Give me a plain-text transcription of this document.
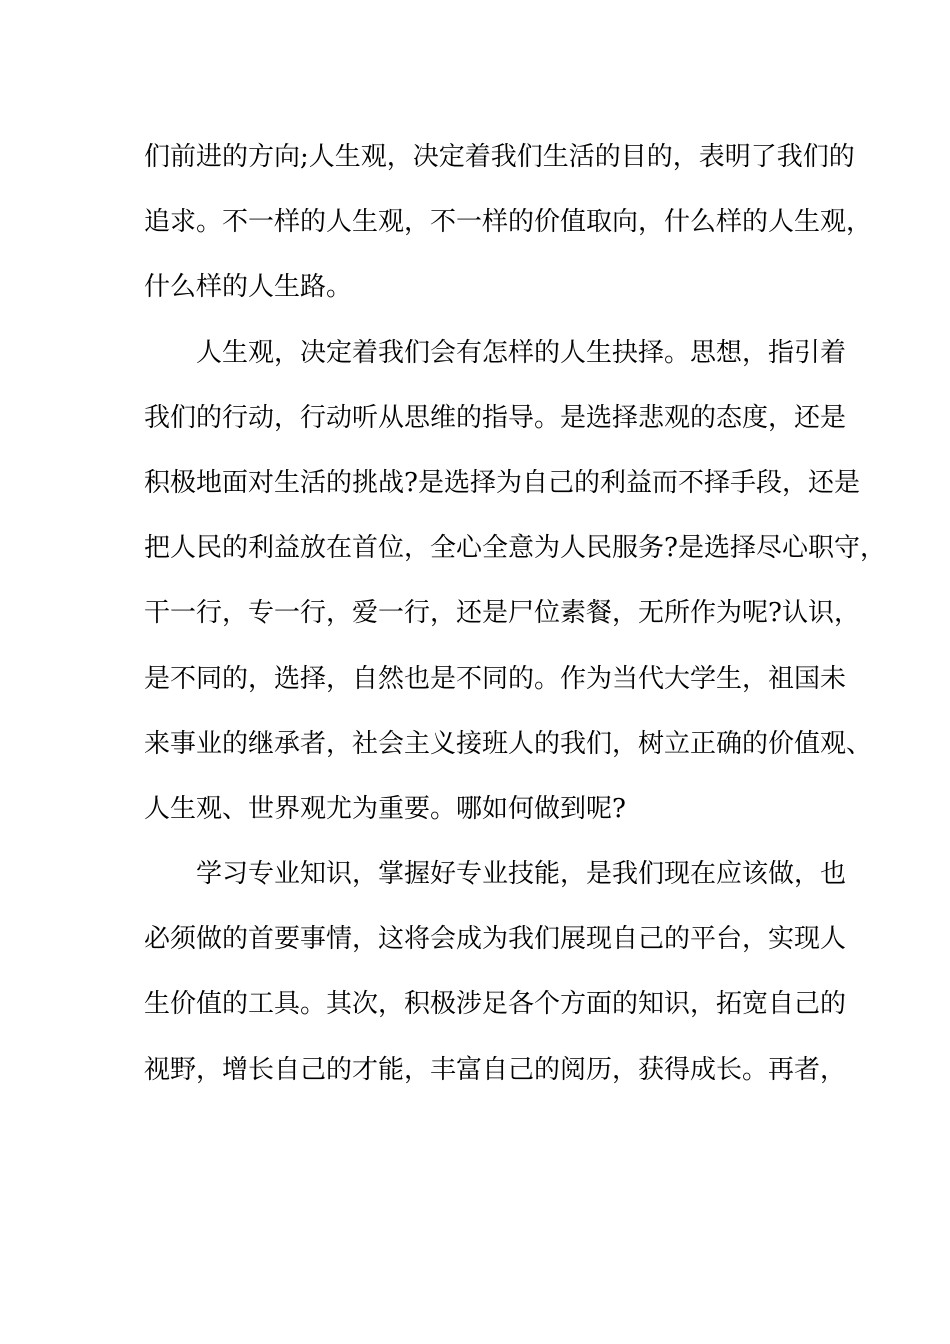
们前进的方向;人生观，决定着我们生活的目的，表明了我们的
追求。不一样的人生观，不一样的价值取向，什么样的人生观，
什么样的人生路。
人生观，决定着我们会有怎样的人生抉择。思想，指引着
我们的行动，行动听从思维的指导。是选择悲观的态度，还是
积极地面对生活的挑战?是选择为自己的利益而不择手段，还是
把人民的利益放在首位，全心全意为人民服务?是选择尽心职守，
干一行，专一行，爱一行，还是尸位素餐，无所作为呢?认识，
是不同的，选择，自然也是不同的。作为当代大学生，祖国未
来事业的继承者，社会主义接班人的我们，树立正确的价值观、
人生观、世界观尤为重要。哪如何做到呢?
学习专业知识，掌握好专业技能，是我们现在应该做，也
必须做的首要事情，这将会成为我们展现自己的平台，实现人
生价值的工具。其次，积极涉足各个方面的知识，拓宽自己的
视野，增长自己的才能，丰富自己的阅历，获得成长。再者，
